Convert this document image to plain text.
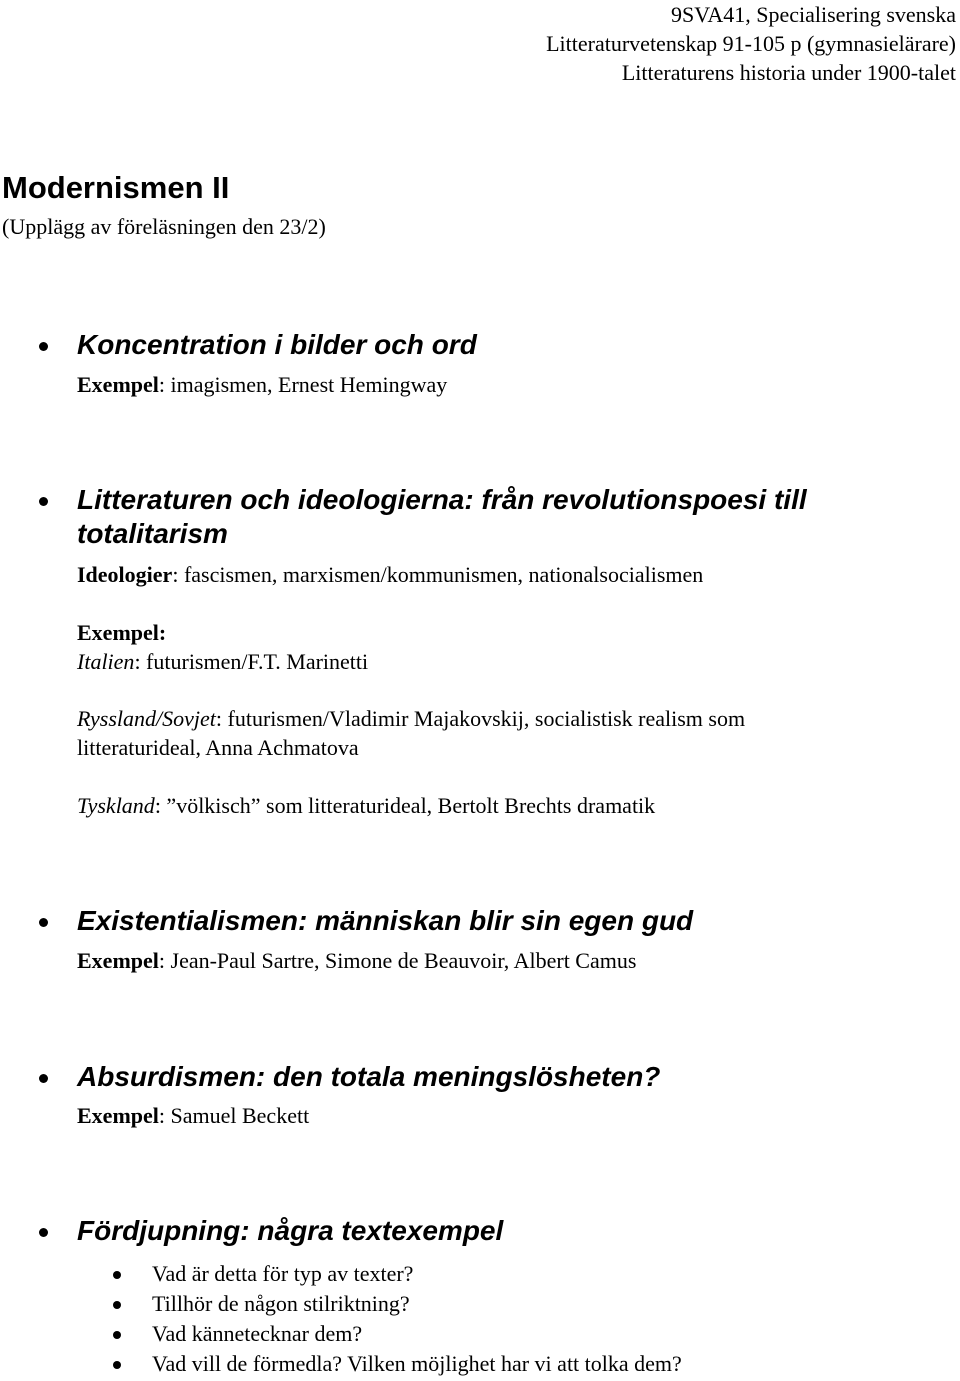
9SVA41, Specialisering svenska
Litteraturvetenskap 91-105 p (gymnasielärare)
Litteraturens historia under 1900-talet
Modernismen II
(Upplägg av föreläsningen den 23/2)
Koncentration i bilder och ord
Exempel: imagismen, Ernest Hemingway
Litteraturen och ideologierna: från revolutionspoesi till
totalitarism
Ideologier: fascismen, marxismen/kommunismen, nationalsocialismen
Exempel:
Italien: futurismen/F.T. Marinetti
Ryssland/Sovjet: futurismen/Vladimir Majakovskij, socialistisk realism som
litteraturideal, Anna Achmatova
Tyskland: ”völkisch” som litteraturideal, Bertolt Brechts dramatik
Existentialismen: människan blir sin egen gud
Exempel: Jean-Paul Sartre, Simone de Beauvoir, Albert Camus
Absurdismen: den totala meningslösheten?
Exempel: Samuel Beckett
Fördjupning: några textexempel
Vad är detta för typ av texter?
Tillhör de någon stilriktning?
Vad kännetecknar dem?
Vad vill de förmedla? Vilken möjlighet har vi att tolka dem?
